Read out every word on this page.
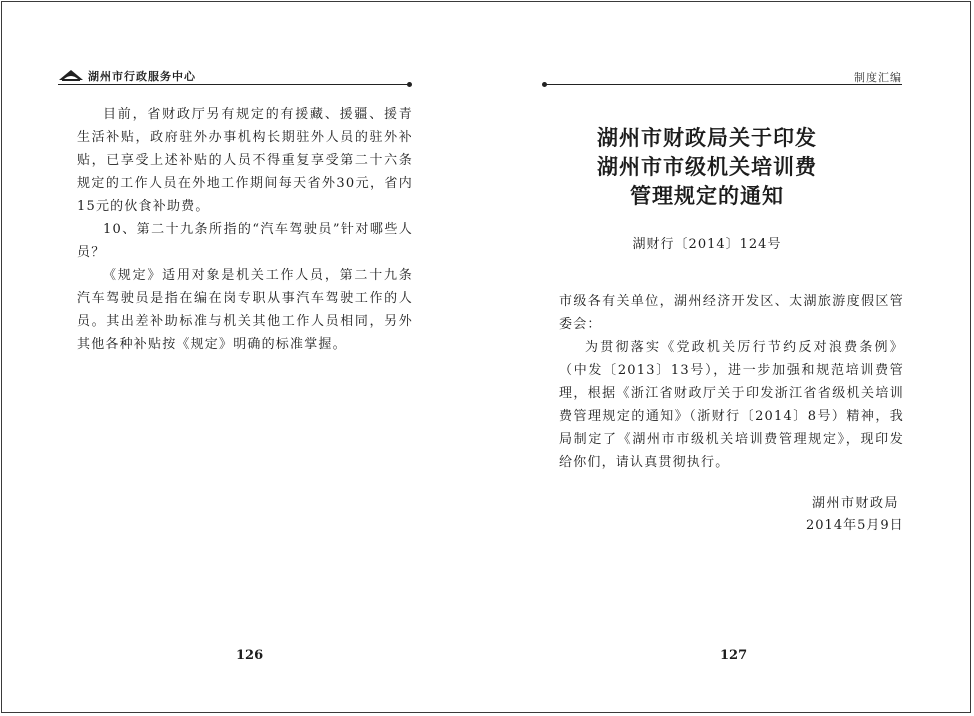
湖州市行政服务中心

目前，省财政厅另有规定的有援藏、援疆、援青生活补贴，政府驻外办事机构长期驻外人员的驻外补贴，已享受上述补贴的人员不得重复享受第二十六条规定的工作人员在外地工作期间每天省外30元，省内15元的伙食补助费。

10、第二十九条所指的“汽车驾驶员”针对哪些人员？

《规定》适用对象是机关工作人员，第二十九条汽车驾驶员是指在编在岗专职从事汽车驾驶工作的人员。其出差补助标准与机关其他工作人员相同，另外其他各种补贴按《规定》明确的标准掌握。

126
制度汇编
湖州市财政局关于印发
湖州市市级机关培训费
管理规定的通知
湖财行〔2014〕124号

市级各有关单位，湖州经济开发区、太湖旅游度假区管委会：

为贯彻落实《党政机关厉行节约反对浪费条例》（中发〔2013〕13号），进一步加强和规范培训费管理，根据《浙江省财政厅关于印发浙江省省级机关培训费管理规定的通知》（浙财行〔2014〕8号）精神，我局制定了《湖州市市级机关培训费管理规定》，现印发给你们，请认真贯彻执行。

湖州市财政局
2014年5月9日
127
